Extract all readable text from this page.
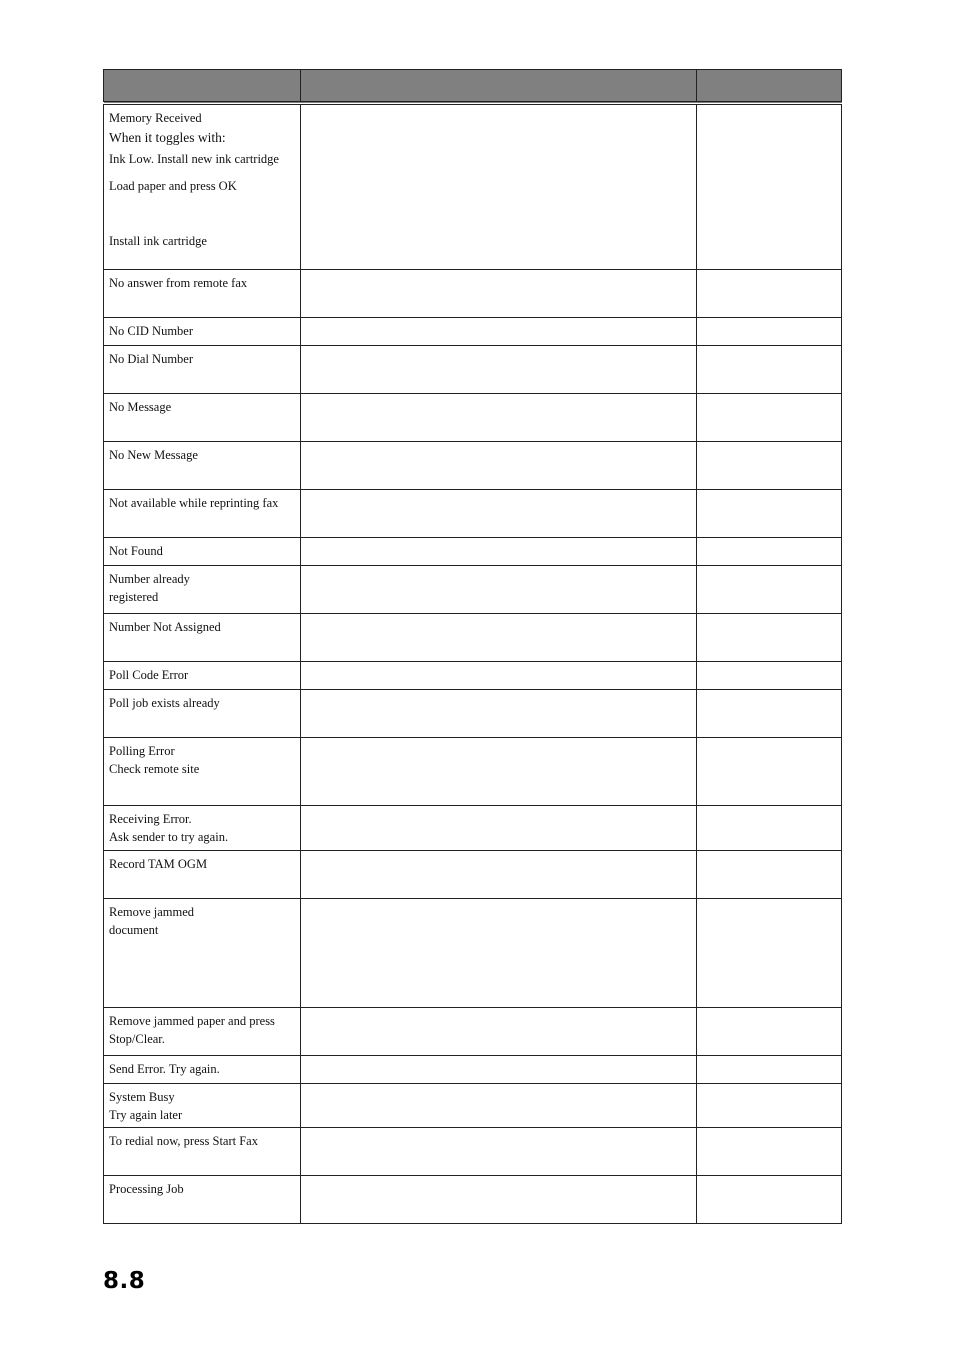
Memory Received
When it toggles with:
Ink Low. Install new ink cartridge
Load paper and press OK
Install ink cartridge		

No answer from remote fax		

No CID Number		

No Dial Number		

No Message		

No New Message		

Not available while reprinting fax		

Not Found		

Number already
registered		

Number Not Assigned		

Poll Code Error		

Poll job exists already		

Polling Error
Check remote site		

Receiving Error.
Ask sender to try again.		

Record TAM OGM		

Remove jammed
document		

Remove jammed paper and press
Stop/Clear.		

Send Error. Try again.		

System Busy
Try again later		

To redial now, press Start Fax		

Processing Job		

8.8
